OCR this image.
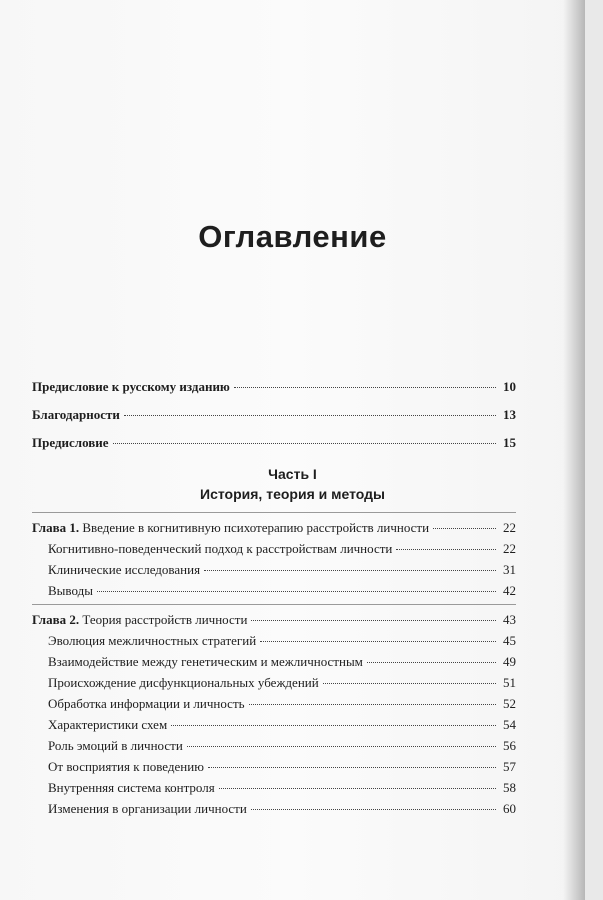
Оглавление
Предисловие к русскому изданию	10
Благодарности	13
Предисловие	15
Часть I
История, теория и методы
Глава 1. Введение в когнитивную психотерапию расстройств личности	22
Когнитивно-поведенческий подход к расстройствам личности	22
Клинические исследования	31
Выводы	42
Глава 2. Теория расстройств личности	43
Эволюция межличностных стратегий	45
Взаимодействие между генетическим и межличностным	49
Происхождение дисфункциональных убеждений	51
Обработка информации и личность	52
Характеристики схем	54
Роль эмоций в личности	56
От восприятия к поведению	57
Внутренняя система контроля	58
Изменения в организации личности	60
